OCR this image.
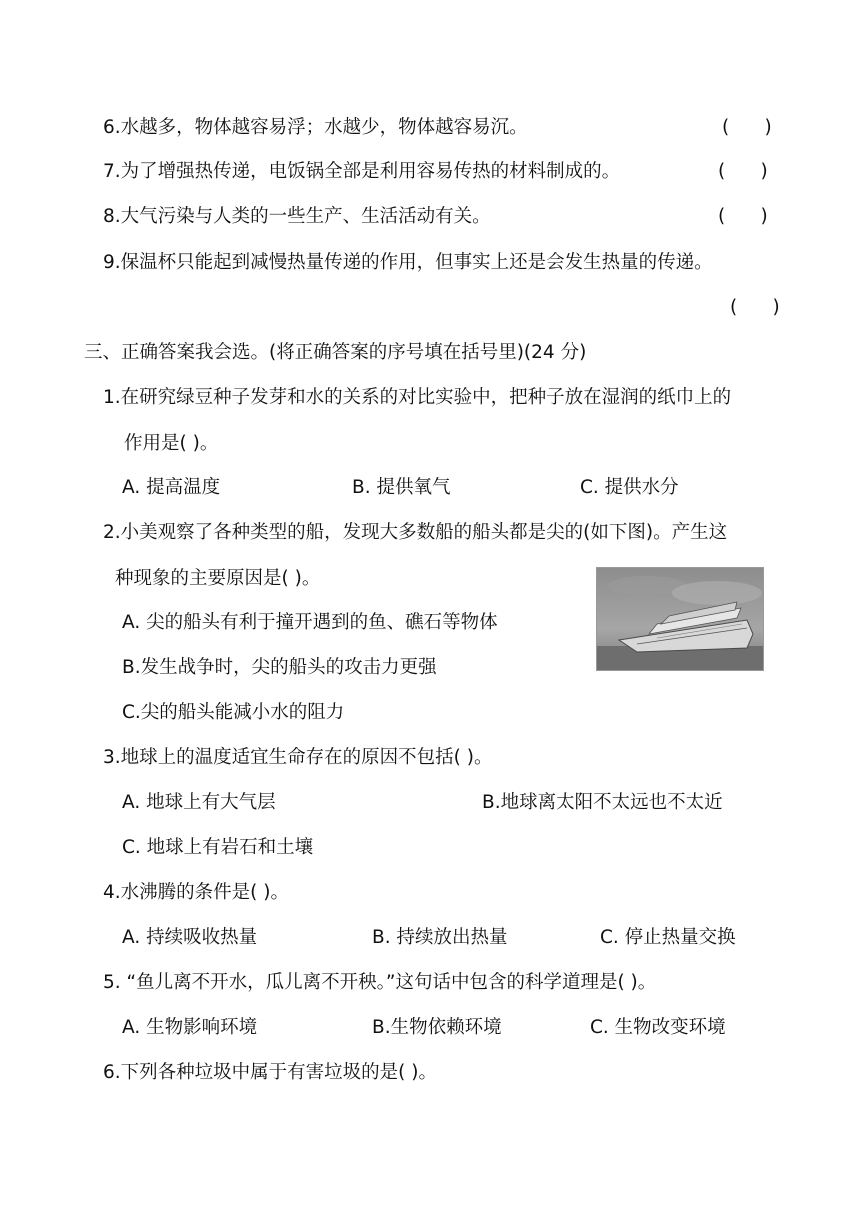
6.水越多，物体越容易浮；水越少，物体越容易沉。	(      )
7.为了增强热传递，电饭锅全部是利用容易传热的材料制成的。	(      )
8.大气污染与人类的一些生产、生活活动有关。	(      )
9.保温杯只能起到减慢热量传递的作用，但事实上还是会发生热量的传递。
(      )
三、正确答案我会选。(将正确答案的序号填在括号里)(24 分)
1.在研究绿豆种子发芽和水的关系的对比实验中，把种子放在湿润的纸巾上的
作用是( )。
A. 提高温度	B. 提供氧气	C. 提供水分
2.小美观察了各种类型的船，发现大多数船的船头都是尖的(如下图)。产生这
种现象的主要原因是( )。
A. 尖的船头有利于撞开遇到的鱼、礁石等物体
B.发生战争时，尖的船头的攻击力更强
C.尖的船头能减小水的阻力
3.地球上的温度适宜生命存在的原因不包括( )。
A. 地球上有大气层	B.地球离太阳不太远也不太近
C. 地球上有岩石和土壤
4.水沸腾的条件是( )。
A. 持续吸收热量	B. 持续放出热量	C. 停止热量交换
5. “鱼儿离不开水，瓜儿离不开秧。”这句话中包含的科学道理是( )。
A. 生物影响环境	B.生物依赖环境	C. 生物改变环境
6.下列各种垃圾中属于有害垃圾的是( )。
